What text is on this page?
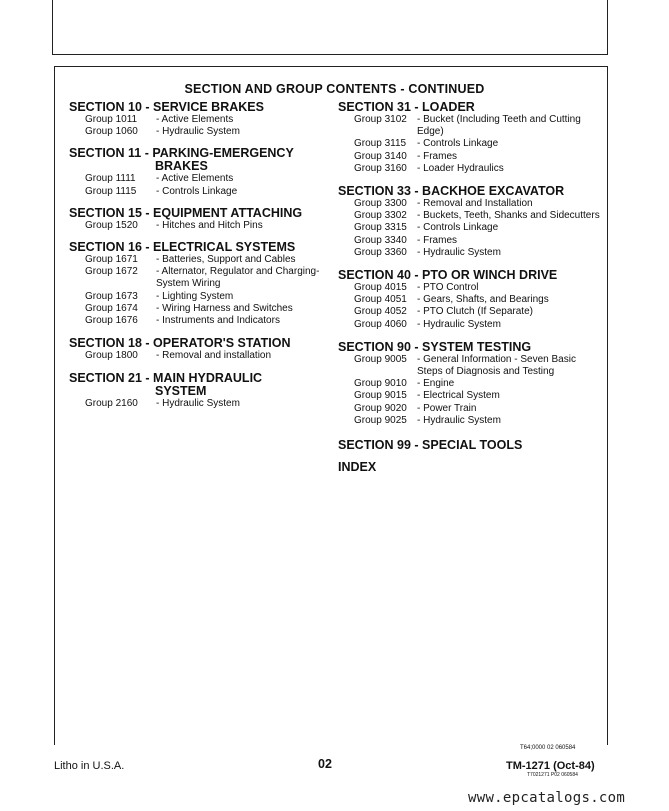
SECTION AND GROUP CONTENTS - CONTINUED
SECTION 10 - SERVICE BRAKES
Group 1011	- Active Elements
Group 1060	- Hydraulic System
SECTION 11 - PARKING-EMERGENCY
BRAKES
Group 1111	- Active Elements
Group 1115	- Controls Linkage
SECTION 15 - EQUIPMENT ATTACHING
Group 1520	- Hitches and Hitch Pins
SECTION 16 - ELECTRICAL SYSTEMS
Group 1671	- Batteries, Support and Cables
Group 1672	- Alternator, Regulator and Charging-System Wiring
Group 1673	- Lighting System
Group 1674	- Wiring Harness and Switches
Group 1676	- Instruments and Indicators
SECTION 18 - OPERATOR'S STATION
Group 1800	- Removal and installation
SECTION 21 - MAIN HYDRAULIC
SYSTEM
Group 2160	- Hydraulic System
SECTION 31 - LOADER
Group 3102	- Bucket (Including Teeth and Cutting Edge)
Group 3115	- Controls Linkage
Group 3140	- Frames
Group 3160	- Loader Hydraulics
SECTION 33 - BACKHOE EXCAVATOR
Group 3300	- Removal and Installation
Group 3302	- Buckets, Teeth, Shanks and Sidecutters
Group 3315	- Controls Linkage
Group 3340	- Frames
Group 3360	- Hydraulic System
SECTION 40 - PTO OR WINCH DRIVE
Group 4015	- PTO Control
Group 4051	- Gears, Shafts, and Bearings
Group 4052	- PTO Clutch (If Separate)
Group 4060	- Hydraulic System
SECTION 90 - SYSTEM TESTING
Group 9005	- General Information - Seven Basic Steps of Diagnosis and Testing
Group 9010	- Engine
Group 9015	- Electrical System
Group 9020	- Power Train
Group 9025	- Hydraulic System
SECTION 99 - SPECIAL TOOLS
INDEX
T64;0000 02 060584
Litho in U.S.A.	02	TM-1271 (Oct-84)
T7021271 P02 060584
www.epcatalogs.com
